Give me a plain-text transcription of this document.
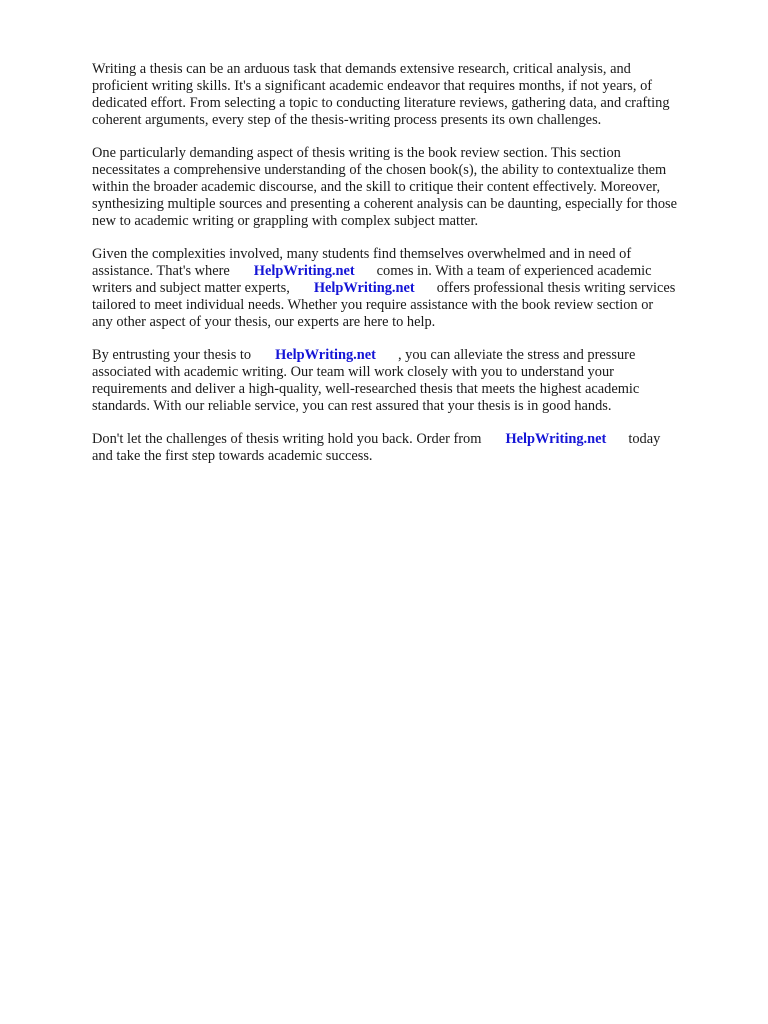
Writing a thesis can be an arduous task that demands extensive research, critical analysis, and
proficient writing skills. It's a significant academic endeavor that requires months, if not years, of
dedicated effort. From selecting a topic to conducting literature reviews, gathering data, and crafting
coherent arguments, every step of the thesis-writing process presents its own challenges.

One particularly demanding aspect of thesis writing is the book review section. This section
necessitates a comprehensive understanding of the chosen book(s), the ability to contextualize them
within the broader academic discourse, and the skill to critique their content effectively. Moreover,
synthesizing multiple sources and presenting a coherent analysis can be daunting, especially for those
new to academic writing or grappling with complex subject matter.

Given the complexities involved, many students find themselves overwhelmed and in need of
assistance. That's where HelpWriting.net comes in. With a team of experienced academic
writers and subject matter experts, HelpWriting.net offers professional thesis writing services
tailored to meet individual needs. Whether you require assistance with the book review section or
any other aspect of your thesis, our experts are here to help.

By entrusting your thesis to HelpWriting.net , you can alleviate the stress and pressure
associated with academic writing. Our team will work closely with you to understand your
requirements and deliver a high-quality, well-researched thesis that meets the highest academic
standards. With our reliable service, you can rest assured that your thesis is in good hands.

Don't let the challenges of thesis writing hold you back. Order from HelpWriting.net today
and take the first step towards academic success.
